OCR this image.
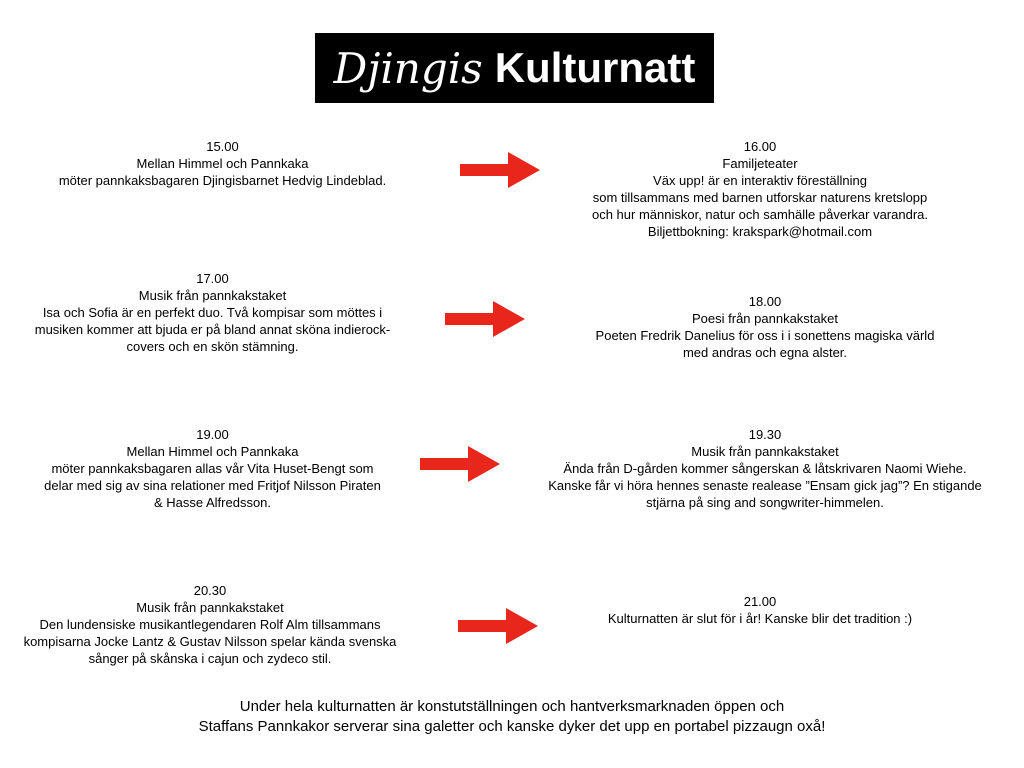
Djingis Kulturnatt
15.00
Mellan Himmel och Pannkaka
möter pannkaksbagaren Djingisbarnet Hedvig Lindeblad.
16.00
Familjeteater
Väx upp! är en interaktiv föreställning
som tillsammans med barnen utforskar naturens kretslopp
och hur människor, natur och samhälle påverkar varandra.
Biljettbokning: krakspark@hotmail.com
17.00
Musik från pannkakstaket
Isa och Sofia är en perfekt duo. Två kompisar som möttes i
musiken kommer att bjuda er på bland annat sköna indierock-
covers och en skön stämning.
18.00
Poesi från pannkakstaket
Poeten Fredrik Danelius för oss i i sonettens magiska värld
med andras och egna alster.
19.00
Mellan Himmel och Pannkaka
möter pannkaksbagaren allas vår Vita Huset-Bengt som
delar med sig av sina relationer med Fritjof Nilsson Piraten
& Hasse Alfredsson.
19.30
Musik från pannkakstaket
Ända från D-gården kommer sångerskan & låtskrivaren Naomi Wiehe.
Kanske får vi höra hennes senaste realease ”Ensam gick jag”? En stigande
stjärna på sing and songwriter-himmelen.
20.30
Musik från pannkakstaket
Den lundensiske musikantlegendaren Rolf Alm tillsammans
kompisarna Jocke Lantz & Gustav Nilsson spelar kända svenska
sånger på skånska i cajun och zydeco stil.
21.00
Kulturnatten är slut för i år! Kanske blir det tradition :)
Under hela kulturnatten är konstutställningen och hantverksmarknaden öppen och
Staffans Pannkakor serverar sina galetter och kanske dyker det upp en portabel pizzaugn oxå!
